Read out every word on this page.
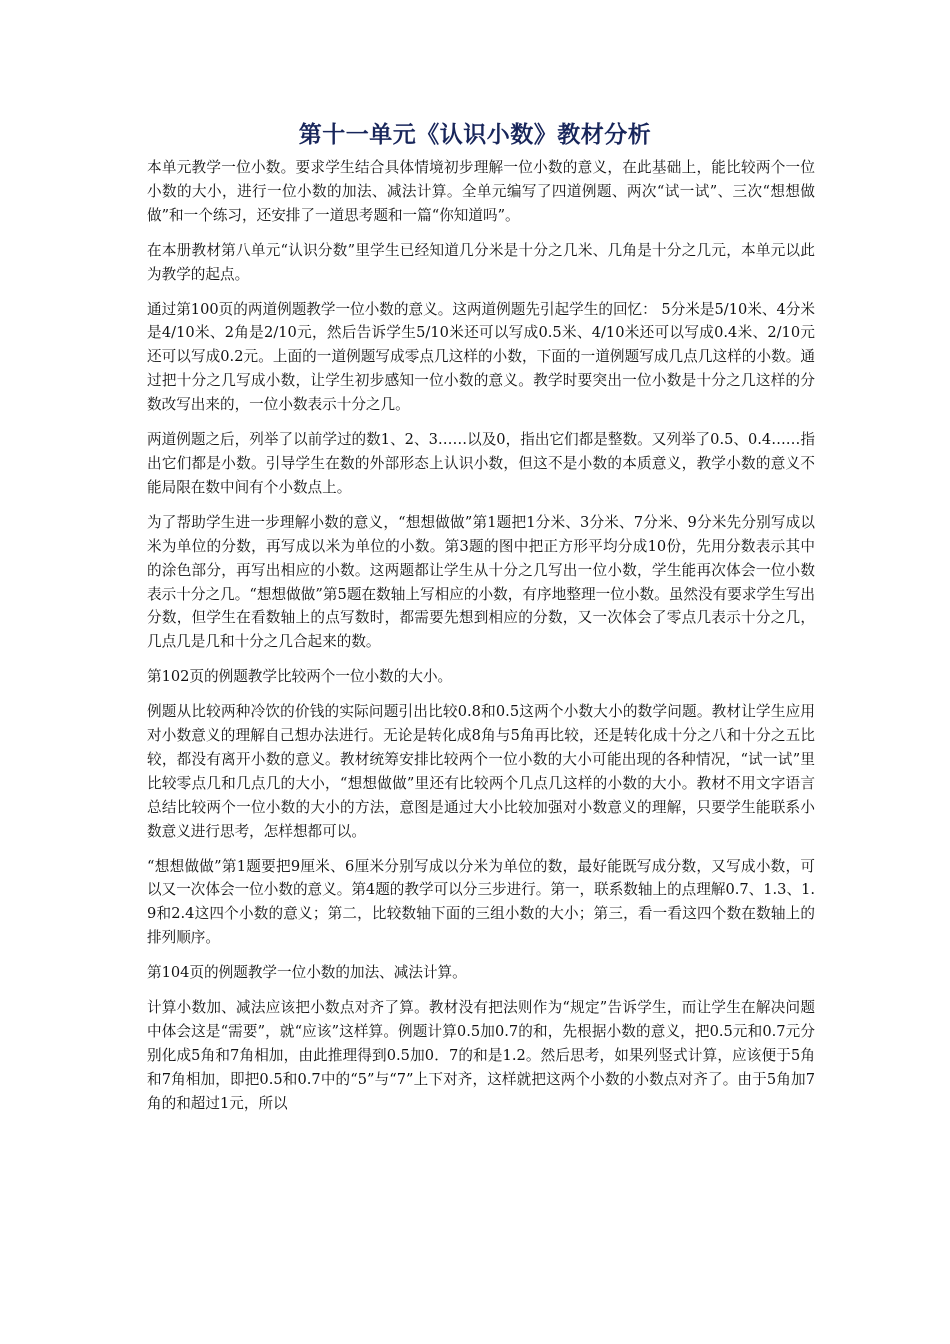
第十一单元《认识小数》教材分析

本单元教学一位小数。要求学生结合具体情境初步理解一位小数的意义，在此基础上，能比较两个一位小数的大小，进行一位小数的加法、减法计算。全单元编写了四道例题、两次“试一试”、三次“想想做做”和一个练习，还安排了一道思考题和一篇“你知道吗”。

在本册教材第八单元“认识分数”里学生已经知道几分米是十分之几米、几角是十分之几元，本单元以此为教学的起点。

通过第100页的两道例题教学一位小数的意义。这两道例题先引起学生的回忆： 5分米是5/10米、4分米是4/10米、2角是2/10元，然后告诉学生5/10米还可以写成0.5米、4/10米还可以写成0.4米、2/10元还可以写成0.2元。上面的一道例题写成零点几这样的小数，下面的一道例题写成几点几这样的小数。通过把十分之几写成小数，让学生初步感知一位小数的意义。教学时要突出一位小数是十分之几这样的分数改写出来的，一位小数表示十分之几。

两道例题之后，列举了以前学过的数1、2、3……以及0，指出它们都是整数。又列举了0.5、0.4……指出它们都是小数。引导学生在数的外部形态上认识小数，但这不是小数的本质意义，教学小数的意义不能局限在数中间有个小数点上。

为了帮助学生进一步理解小数的意义，“想想做做”第1题把1分米、3分米、7分米、9分米先分别写成以米为单位的分数，再写成以米为单位的小数。第3题的图中把正方形平均分成10份，先用分数表示其中的涂色部分，再写出相应的小数。这两题都让学生从十分之几写出一位小数，学生能再次体会一位小数表示十分之几。“想想做做”第5题在数轴上写相应的小数，有序地整理一位小数。虽然没有要求学生写出分数，但学生在看数轴上的点写数时，都需要先想到相应的分数，又一次体会了零点几表示十分之几，几点几是几和十分之几合起来的数。

第102页的例题教学比较两个一位小数的大小。

例题从比较两种冷饮的价钱的实际问题引出比较0.8和0.5这两个小数大小的数学问题。教材让学生应用对小数意义的理解自己想办法进行。无论是转化成8角与5角再比较，还是转化成十分之八和十分之五比较，都没有离开小数的意义。教材统筹安排比较两个一位小数的大小可能出现的各种情况，“试一试”里比较零点几和几点几的大小，“想想做做”里还有比较两个几点几这样的小数的大小。教材不用文字语言总结比较两个一位小数的大小的方法，意图是通过大小比较加强对小数意义的理解，只要学生能联系小数意义进行思考，怎样想都可以。

“想想做做”第1题要把9厘米、6厘米分别写成以分米为单位的数，最好能既写成分数，又写成小数，可以又一次体会一位小数的意义。第4题的教学可以分三步进行。第一，联系数轴上的点理解0.7、1.3、1.9和2.4这四个小数的意义；第二，比较数轴下面的三组小数的大小；第三，看一看这四个数在数轴上的排列顺序。

第104页的例题教学一位小数的加法、减法计算。

计算小数加、减法应该把小数点对齐了算。教材没有把法则作为“规定”告诉学生，而让学生在解决问题中体会这是“需要”，就“应该”这样算。例题计算0.5加0.7的和，先根据小数的意义，把0.5元和0.7元分别化成5角和7角相加，由此推理得到0.5加0．7的和是1.2。然后思考，如果列竖式计算，应该便于5角和7角相加，即把0.5和0.7中的“5”与“7”上下对齐，这样就把这两个小数的小数点对齐了。由于5角加7角的和超过1元，所以
